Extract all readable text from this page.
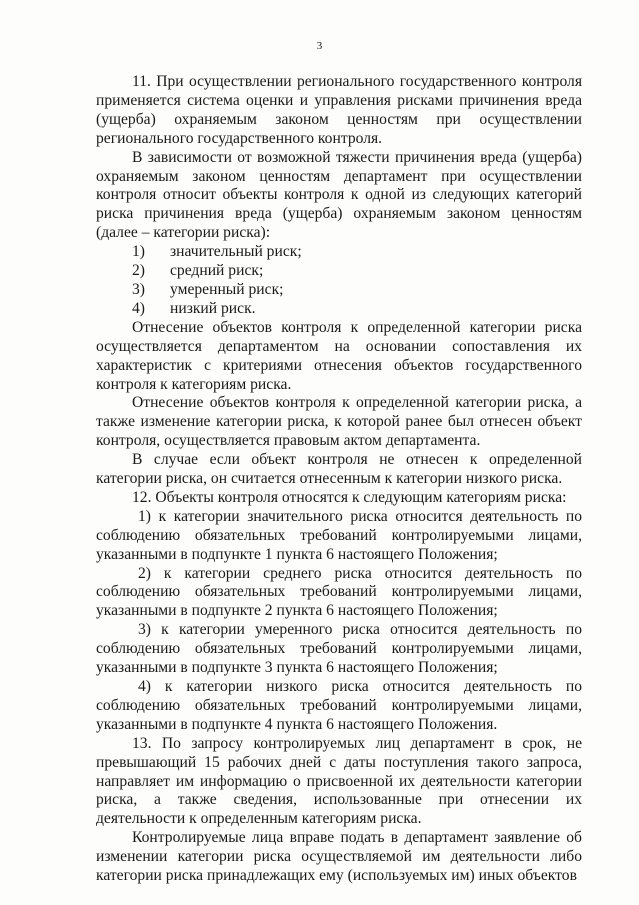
3

11. При осуществлении регионального государственного контроля применяется система оценки и управления рисками причинения вреда (ущерба) охраняемым законом ценностям при осуществлении регионального государственного контроля.

В зависимости от возможной тяжести причинения вреда (ущерба) охраняемым законом ценностям департамент при осуществлении контроля относит объекты контроля к одной из следующих категорий риска причинения вреда (ущерба) охраняемым законом ценностям (далее – категории риска):

1) значительный риск;
2) средний риск;
3) умеренный риск;
4) низкий риск.

Отнесение объектов контроля к определенной категории риска осуществляется департаментом на основании сопоставления их характеристик с критериями отнесения объектов государственного контроля к категориям риска.

Отнесение объектов контроля к определенной категории риска, а также изменение категории риска, к которой ранее был отнесен объект контроля, осуществляется правовым актом департамента.

В случае если объект контроля не отнесен к определенной категории риска, он считается отнесенным к категории низкого риска.

12. Объекты контроля относятся к следующим категориям риска:

1) к категории значительного риска относится деятельность по соблюдению обязательных требований контролируемыми лицами, указанными в подпункте 1 пункта 6 настоящего Положения;

2) к категории среднего риска относится деятельность по соблюдению обязательных требований контролируемыми лицами, указанными в подпункте 2 пункта 6 настоящего Положения;

3) к категории умеренного риска относится деятельность по соблюдению обязательных требований контролируемыми лицами, указанными в подпункте 3 пункта 6 настоящего Положения;

4) к категории низкого риска относится деятельность по соблюдению обязательных требований контролируемыми лицами, указанными в подпункте 4 пункта 6 настоящего Положения.

13. По запросу контролируемых лиц департамент в срок, не превышающий 15 рабочих дней с даты поступления такого запроса, направляет им информацию о присвоенной их деятельности категории риска, а также сведения, использованные при отнесении их деятельности к определенным категориям риска.

Контролируемые лица вправе подать в департамент заявление об изменении категории риска осуществляемой им деятельности либо категории риска принадлежащих ему (используемых им) иных объектов
